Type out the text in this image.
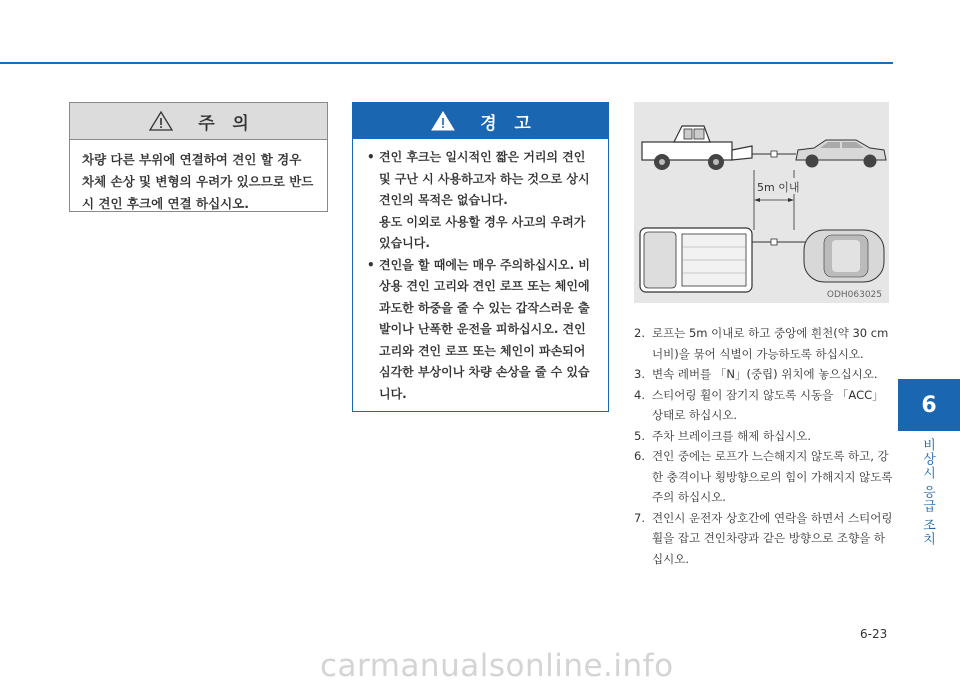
주   의
차량 다른 부위에 연결하여 견인 할 경우 차체 손상 및 변형의 우려가 있으므로 반드시 견인 후크에 연결 하십시오.
경   고
• 견인 후크는 일시적인 짧은 거리의 견인 및 구난 시 사용하고자 하는 것으로 상시 견인의 목적은 없습니다.

용도 이외로 사용할 경우 사고의 우려가 있습니다.

• 견인을 할 때에는 매우 주의하십시오. 비상용 견인 고리와 견인 로프 또는 체인에 과도한 하중을 줄 수 있는 갑작스러운 출발이나 난폭한 운전을 피하십시오. 견인 고리와 견인 로프 또는 체인이 파손되어 심각한 부상이나 차량 손상을 줄 수 있습니다.

5m 이내
ODH063025
2. 로프는 5m 이내로 하고 중앙에 흰천(약 30 cm 너비)을 묶어 식별이 가능하도록 하십시오.
3. 변속 레버를 「N」(중립) 위치에 놓으십시오.
4. 스티어링 휠이 잠기지 않도록 시동을 「ACC」 상태로 하십시오.
5. 주차 브레이크를 해제 하십시오.
6. 견인 중에는 로프가 느슨해지지 않도록 하고, 강한 충격이나 횡방향으로의 힘이 가해지지 않도록 주의 하십시오.
7. 견인시 운전자 상호간에 연락을 하면서 스티어링 휠을 잡고 견인차량과 같은 방향으로 조향을 하십시오.
6
비상시 응급 조치
6-23
carmanualsonline.info
